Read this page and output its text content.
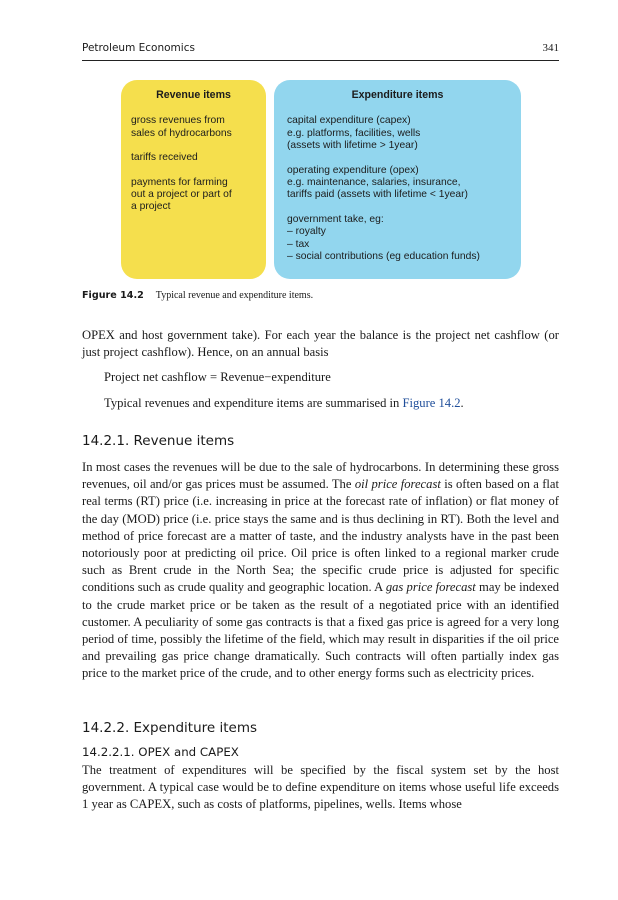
Petroleum Economics	341
Revenue items
gross revenues from
sales of hydrocarbons
tariffs received
payments for farming
out a project or part of
a project
Expenditure items
capital expenditure (capex)
e.g. platforms, facilities, wells
(assets with lifetime > 1year)
operating expenditure (opex)
e.g. maintenance, salaries, insurance,
tariffs paid (assets with lifetime < 1year)
government take, eg:
– royalty
– tax
– social contributions (eg education funds)
Figure 14.2 Typical revenue and expenditure items.
OPEX and host government take). For each year the balance is the project net cashflow (or just project cashflow). Hence, on an annual basis
Project net cashflow = Revenue−expenditure
Typical revenues and expenditure items are summarised in Figure 14.2.
14.2.1. Revenue items
In most cases the revenues will be due to the sale of hydrocarbons. In determining these gross revenues, oil and/or gas prices must be assumed. The oil price forecast is often based on a flat real terms (RT) price (i.e. increasing in price at the forecast rate of inflation) or flat money of the day (MOD) price (i.e. price stays the same and is thus declining in RT). Both the level and method of price forecast are a matter of taste, and the industry analysts have in the past been notoriously poor at predicting oil price. Oil price is often linked to a regional marker crude such as Brent crude in the North Sea; the specific crude price is adjusted for specific conditions such as crude quality and geographic location. A gas price forecast may be indexed to the crude market price or be taken as the result of a negotiated price with an identified customer. A peculiarity of some gas contracts is that a fixed gas price is agreed for a very long period of time, possibly the lifetime of the field, which may result in disparities if the oil price and prevailing gas price change dramatically. Such contracts will often partially index gas price to the market price of the crude, and to other energy forms such as electricity prices.
14.2.2. Expenditure items
14.2.2.1. OPEX and CAPEX
The treatment of expenditures will be specified by the fiscal system set by the host government. A typical case would be to define expenditure on items whose useful life exceeds 1 year as CAPEX, such as costs of platforms, pipelines, wells. Items whose
